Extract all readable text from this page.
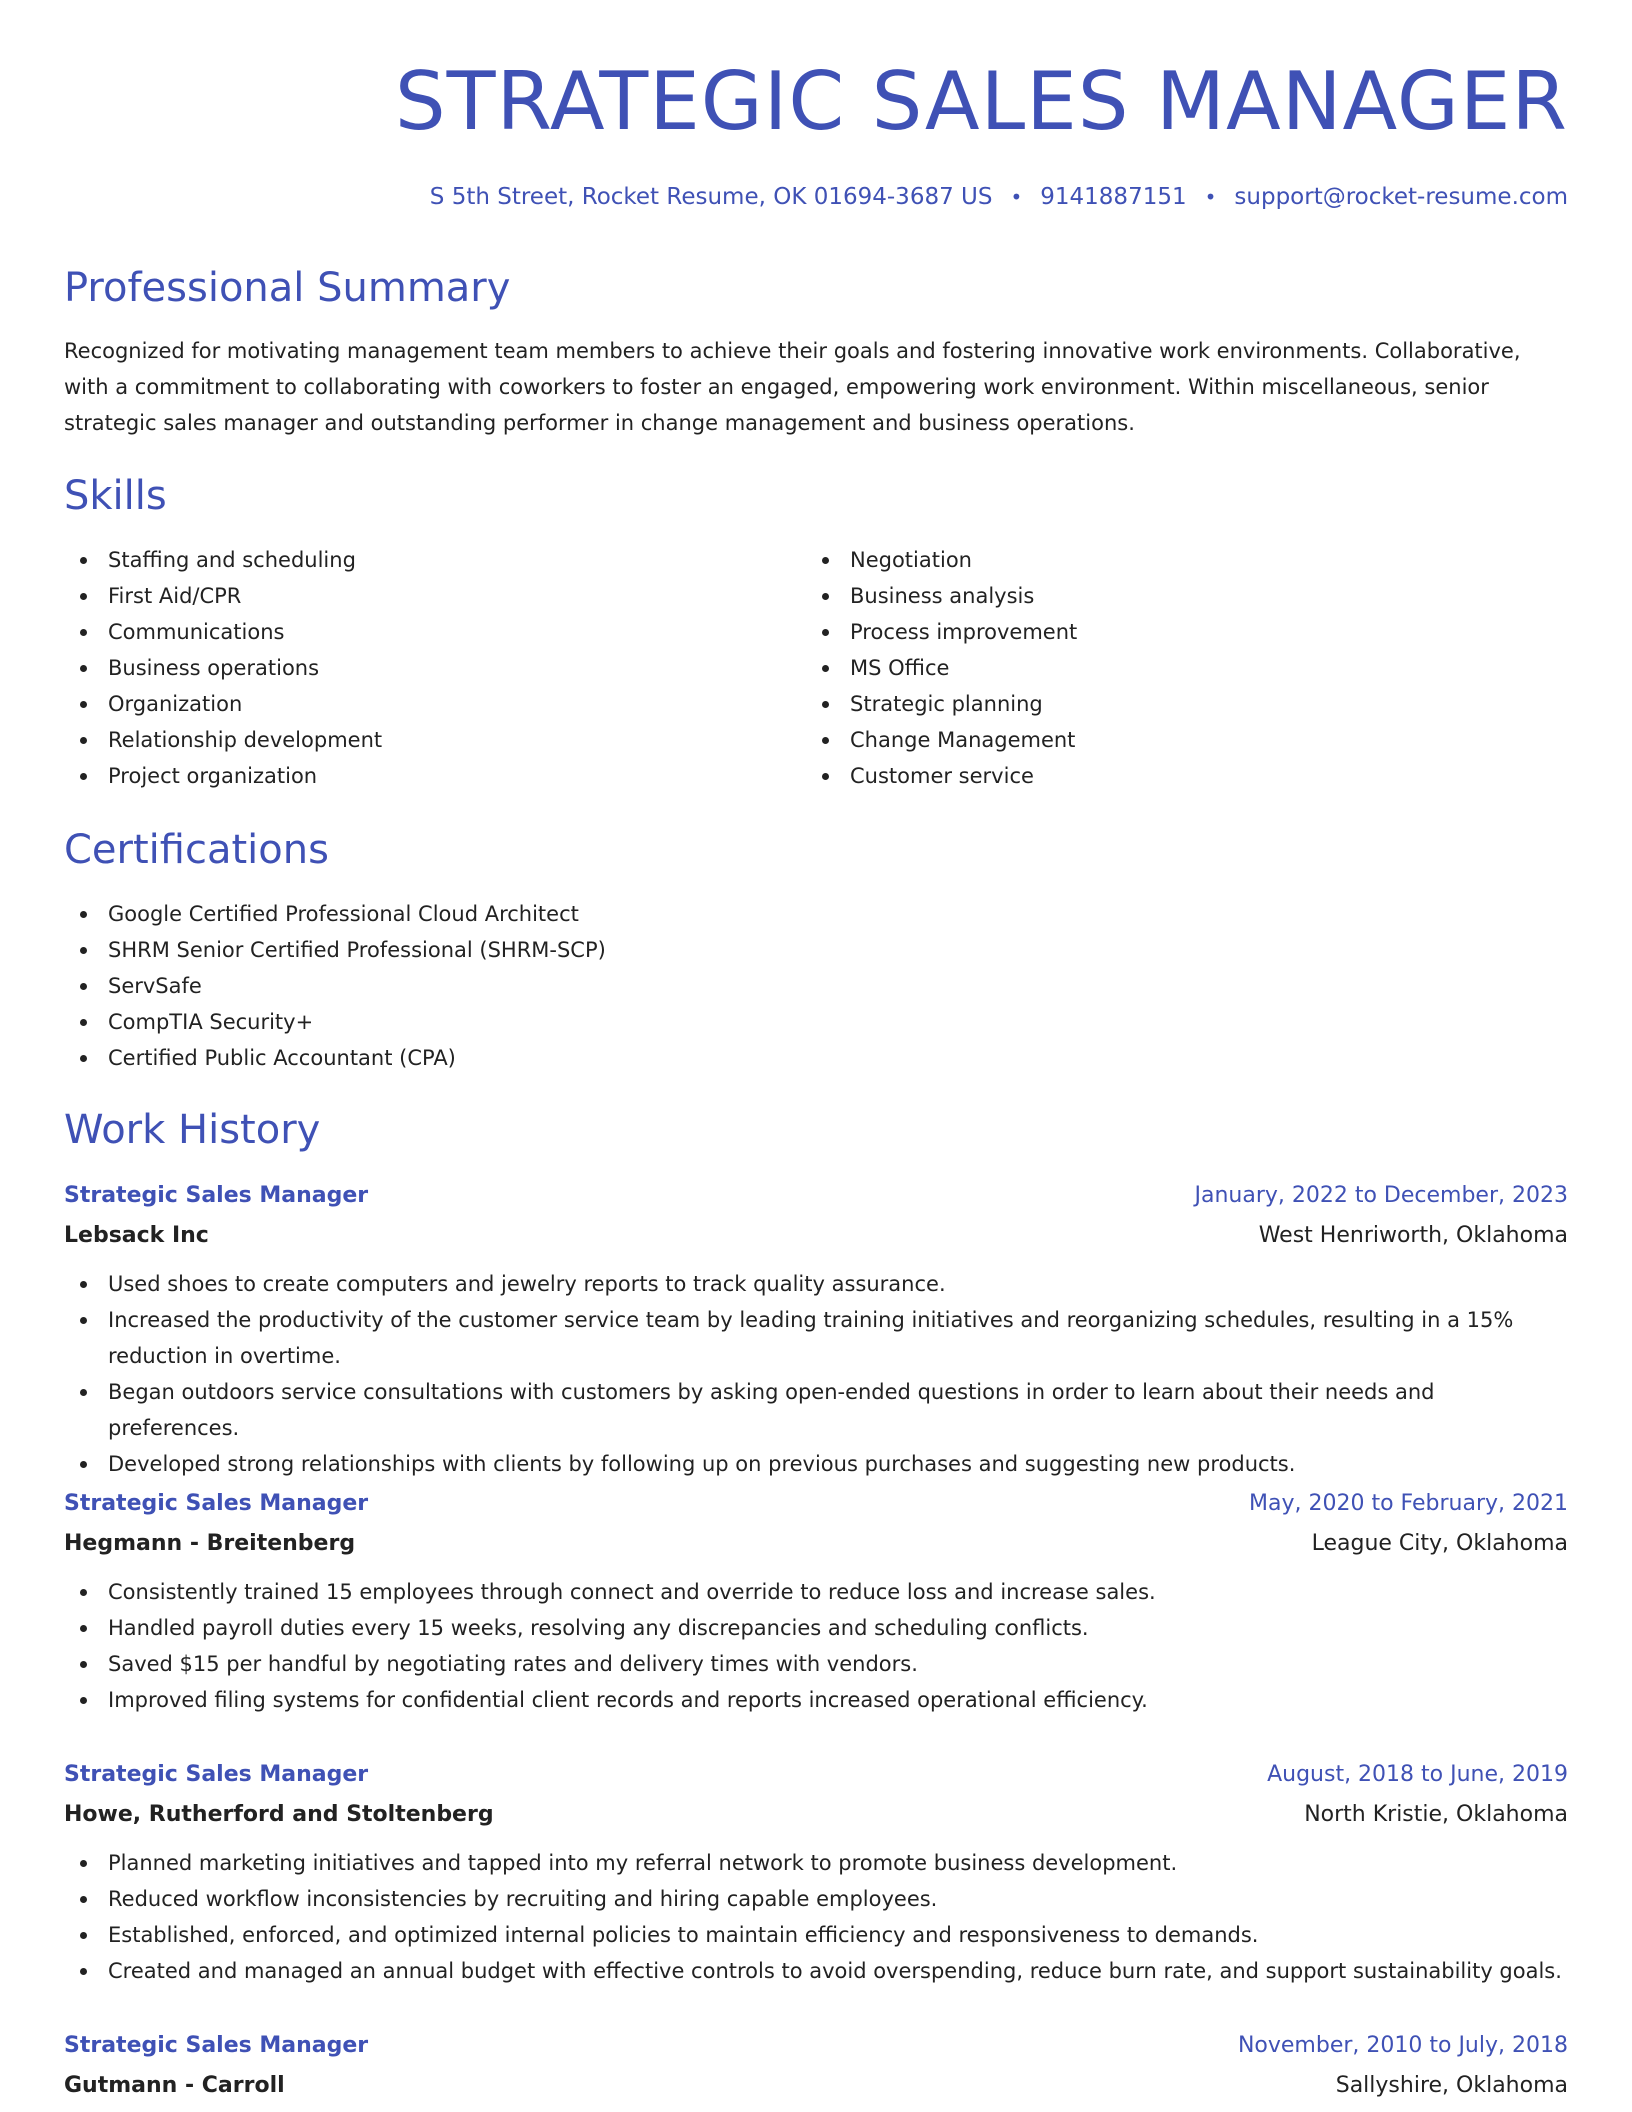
STRATEGIC SALES MANAGER
S 5th Street, Rocket Resume, OK 01694-3687 US • 9141887151 • support@rocket-resume.com
Professional Summary

Recognized for motivating management team members to achieve their goals and fostering innovative work environments. Collaborative, with a commitment to collaborating with coworkers to foster an engaged, empowering work environment. Within miscellaneous, senior strategic sales manager and outstanding performer in change management and business operations.

Skills
Staffing and scheduling
First Aid/CPR
Communications
Business operations
Organization
Relationship development
Project organization
Negotiation
Business analysis
Process improvement
MS Office
Strategic planning
Change Management
Customer service
Certifications
Google Certified Professional Cloud Architect
SHRM Senior Certified Professional (SHRM-SCP)
ServSafe
CompTIA Security+
Certified Public Accountant (CPA)
Work History
Strategic Sales Manager	January, 2022 to December, 2023
Lebsack Inc	West Henriworth, Oklahoma
Used shoes to create computers and jewelry reports to track quality assurance.
Increased the productivity of the customer service team by leading training initiatives and reorganizing schedules, resulting in a 15% reduction in overtime.
Began outdoors service consultations with customers by asking open-ended questions in order to learn about their needs and preferences.
Developed strong relationships with clients by following up on previous purchases and suggesting new products.
Strategic Sales Manager	May, 2020 to February, 2021
Hegmann - Breitenberg	League City, Oklahoma
Consistently trained 15 employees through connect and override to reduce loss and increase sales.
Handled payroll duties every 15 weeks, resolving any discrepancies and scheduling conflicts.
Saved $15 per handful by negotiating rates and delivery times with vendors.
Improved filing systems for confidential client records and reports increased operational efficiency.
Strategic Sales Manager	August, 2018 to June, 2019
Howe, Rutherford and Stoltenberg	North Kristie, Oklahoma
Planned marketing initiatives and tapped into my referral network to promote business development.
Reduced workflow inconsistencies by recruiting and hiring capable employees.
Established, enforced, and optimized internal policies to maintain efficiency and responsiveness to demands.
Created and managed an annual budget with effective controls to avoid overspending, reduce burn rate, and support sustainability goals.
Strategic Sales Manager	November, 2010 to July, 2018
Gutmann - Carroll	Sallyshire, Oklahoma
